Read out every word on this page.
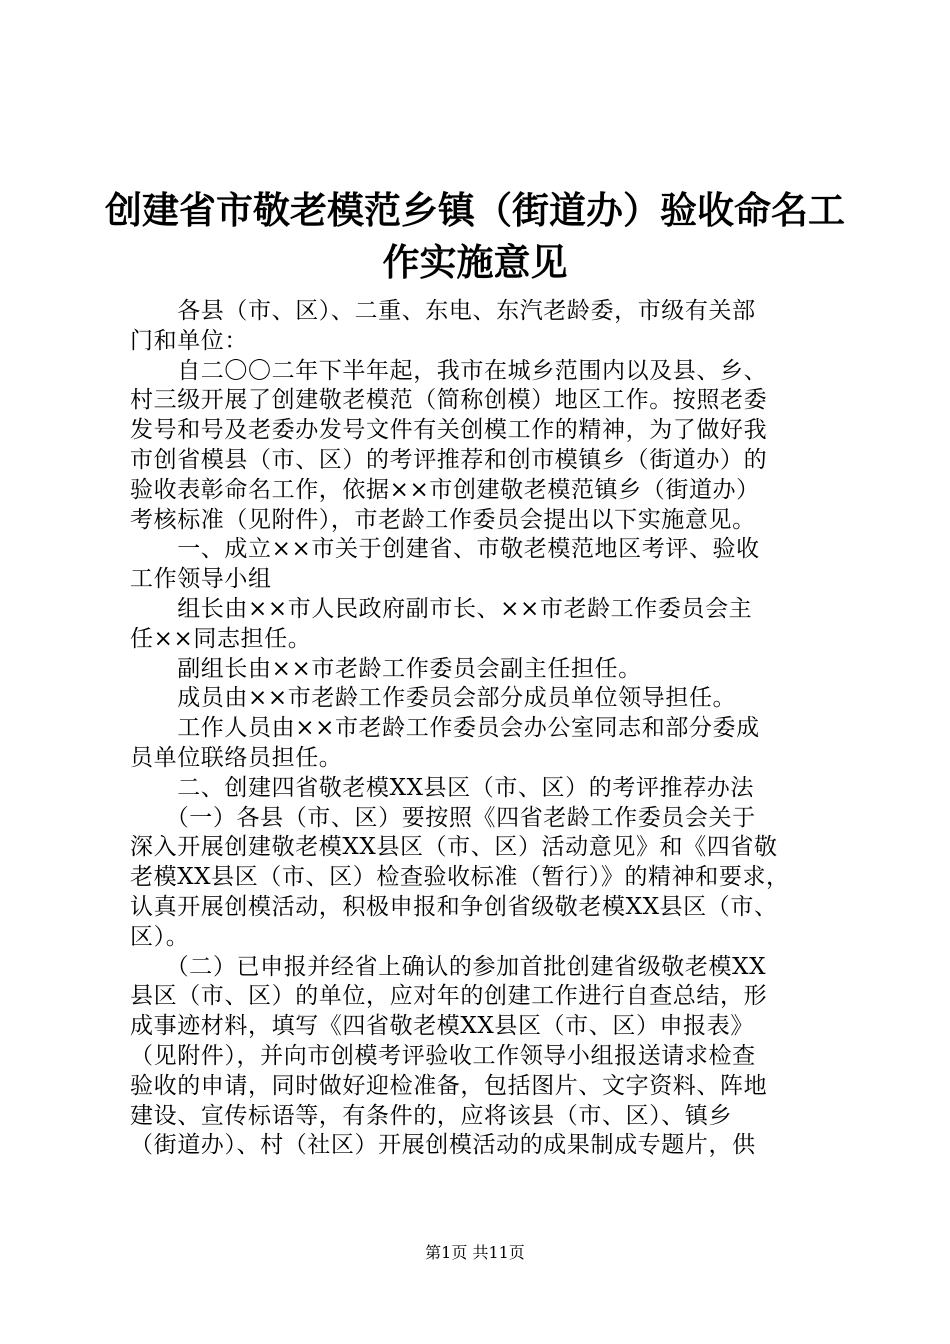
创建省市敬老模范乡镇（街道办）验收命名工
作实施意见
　　各县（市、区）、二重、东电、东汽老龄委，市级有关部
门和单位：
　　自二〇〇二年下半年起，我市在城乡范围内以及县、乡、
村三级开展了创建敬老模范（简称创模）地区工作。按照老委
发号和号及老委办发号文件有关创模工作的精神，为了做好我
市创省模县（市、区）的考评推荐和创市模镇乡（街道办）的
验收表彰命名工作，依据××市创建敬老模范镇乡（街道办）
考核标准（见附件），市老龄工作委员会提出以下实施意见。
　　一、成立××市关于创建省、市敬老模范地区考评、验收
工作领导小组
　　组长由××市人民政府副市长、××市老龄工作委员会主
任××同志担任。
　　副组长由××市老龄工作委员会副主任担任。
　　成员由××市老龄工作委员会部分成员单位领导担任。
　　工作人员由××市老龄工作委员会办公室同志和部分委成
员单位联络员担任。
　　二、创建四省敬老模XX县区（市、区）的考评推荐办法
　　（一）各县（市、区）要按照《四省老龄工作委员会关于
深入开展创建敬老模XX县区（市、区）活动意见》和《四省敬
老模XX县区（市、区）检查验收标准（暂行）》的精神和要求，
认真开展创模活动，积极申报和争创省级敬老模XX县区（市、
区）。
　　（二）已申报并经省上确认的参加首批创建省级敬老模XX
县区（市、区）的单位，应对年的创建工作进行自查总结，形
成事迹材料，填写《四省敬老模XX县区（市、区）申报表》
（见附件），并向市创模考评验收工作领导小组报送请求检查
验收的申请，同时做好迎检准备，包括图片、文字资料、阵地
建设、宣传标语等，有条件的，应将该县（市、区）、镇乡
（街道办）、村（社区）开展创模活动的成果制成专题片，供
第1页 共11页
